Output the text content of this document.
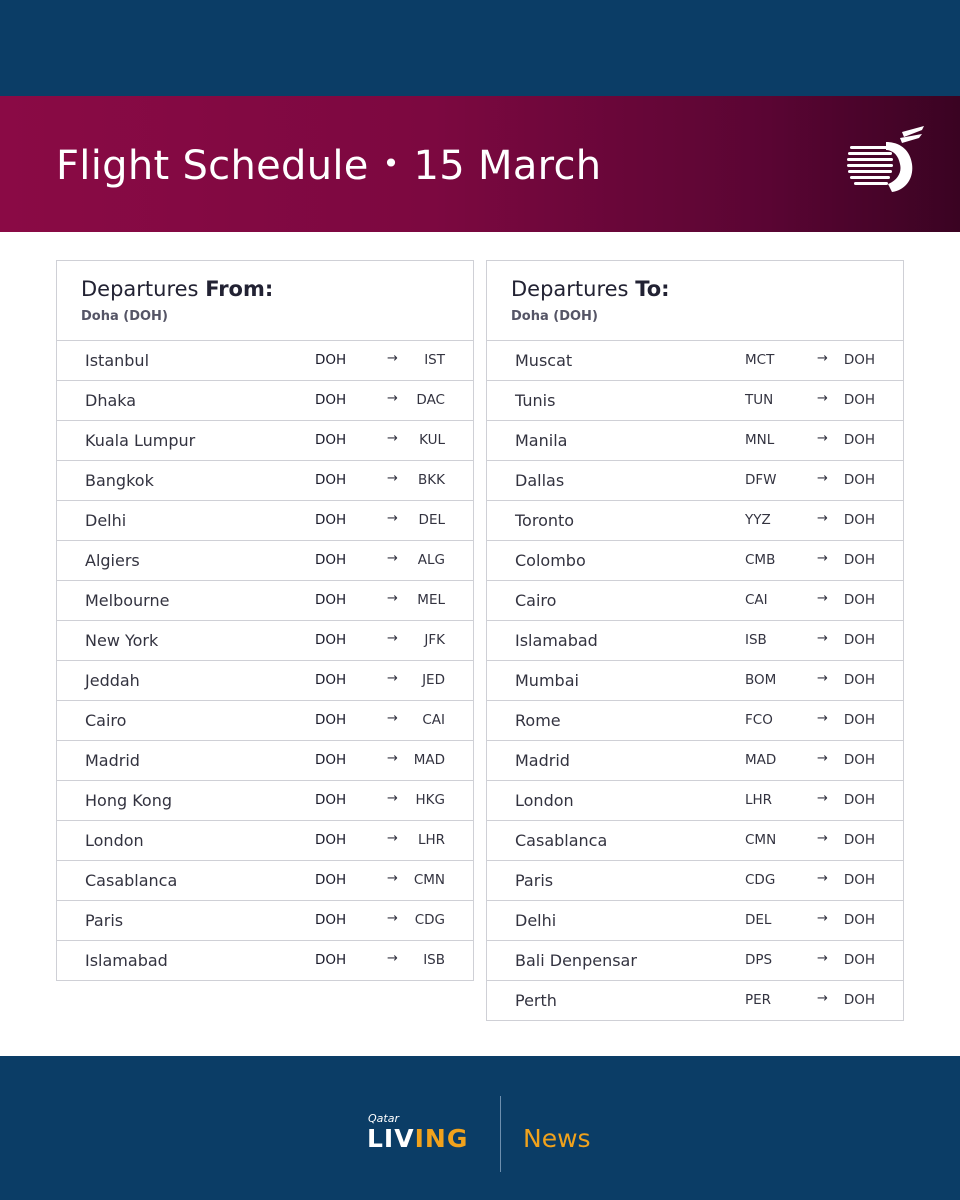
Flight Schedule • 15 March
Departures From:
Doha (DOH)
Istanbul	DOH	→	IST
Dhaka	DOH	→	DAC
Kuala Lumpur	DOH	→	KUL
Bangkok	DOH	→	BKK
Delhi	DOH	→	DEL
Algiers	DOH	→	ALG
Melbourne	DOH	→	MEL
New York	DOH	→	JFK
Jeddah	DOH	→	JED
Cairo	DOH	→	CAI
Madrid	DOH	→	MAD
Hong Kong	DOH	→	HKG
London	DOH	→	LHR
Casablanca	DOH	→	CMN
Paris	DOH	→	CDG
Islamabad	DOH	→	ISB
Departures To:
Doha (DOH)
Muscat	MCT	→	DOH
Tunis	TUN	→	DOH
Manila	MNL	→	DOH
Dallas	DFW	→	DOH
Toronto	YYZ	→	DOH
Colombo	CMB	→	DOH
Cairo	CAI	→	DOH
Islamabad	ISB	→	DOH
Mumbai	BOM	→	DOH
Rome	FCO	→	DOH
Madrid	MAD	→	DOH
London	LHR	→	DOH
Casablanca	CMN	→	DOH
Paris	CDG	→	DOH
Delhi	DEL	→	DOH
Bali Denpensar	DPS	→	DOH
Perth	PER	→	DOH
Qatar
LIVING News
